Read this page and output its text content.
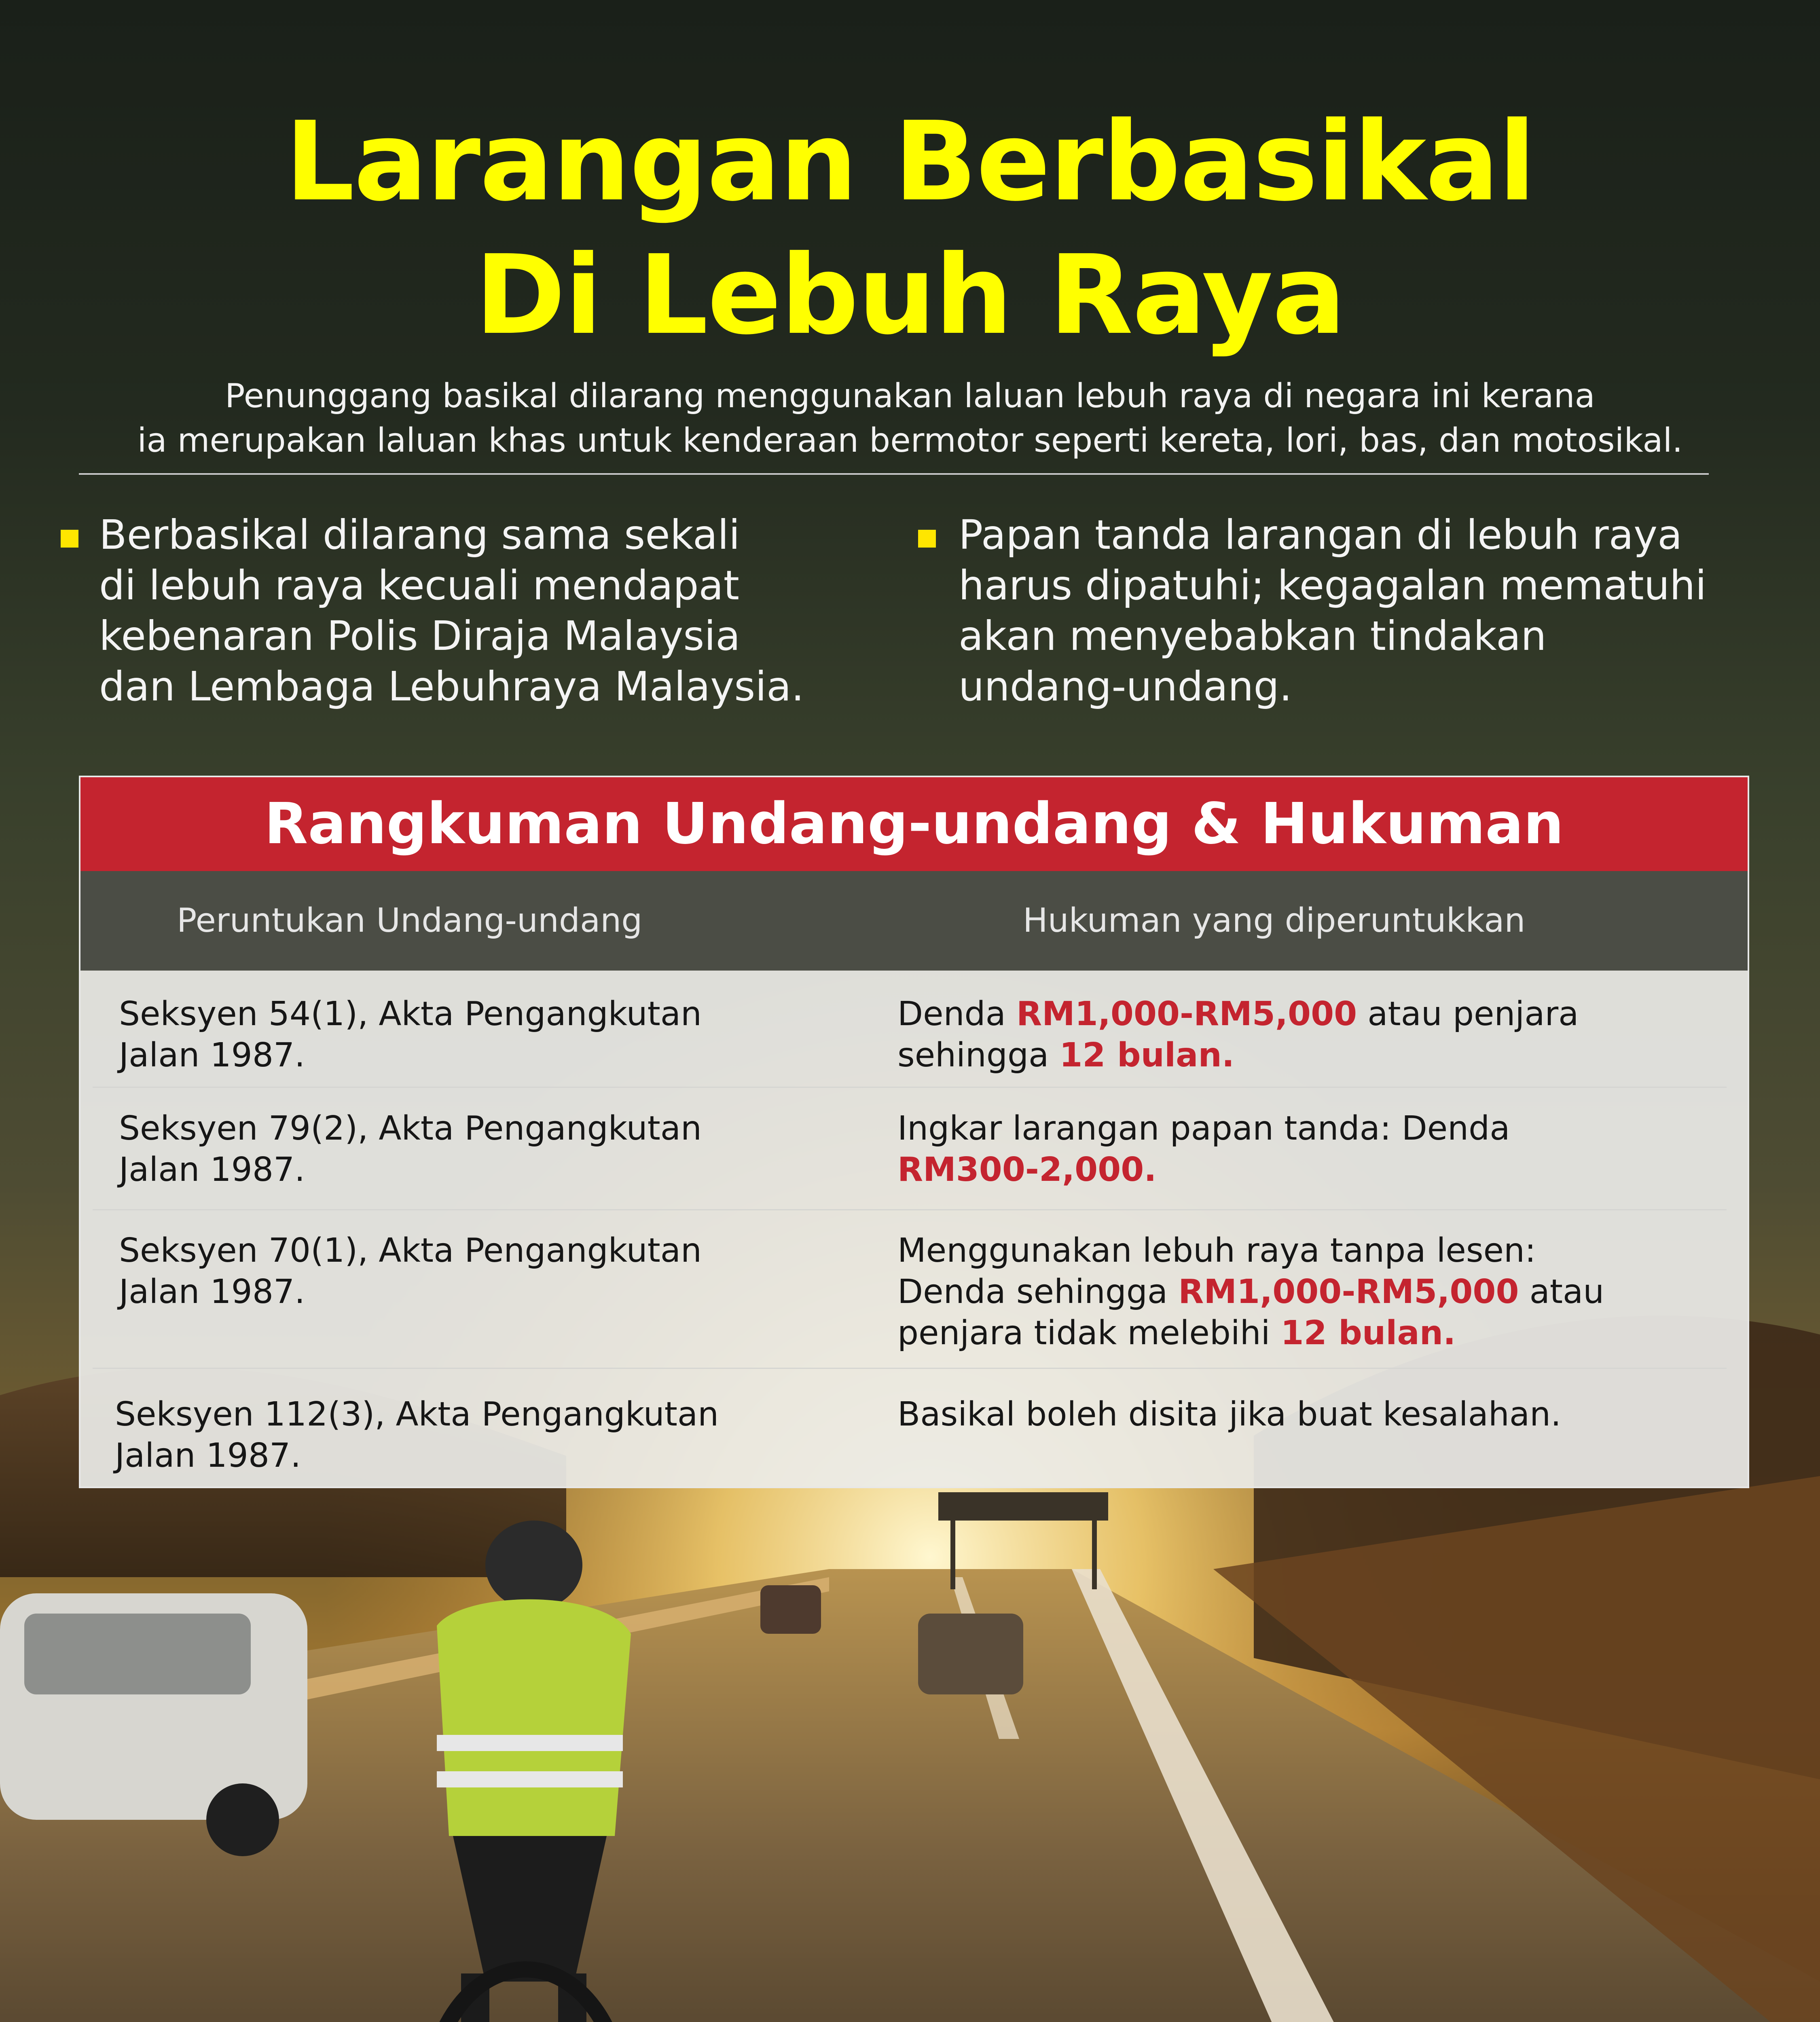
Larangan Berbasikal
Di Lebuh Raya
Penunggang basikal dilarang menggunakan laluan lebuh raya di negara ini kerana
ia merupakan laluan khas untuk kenderaan bermotor seperti kereta, lori, bas, dan motosikal.
Berbasikal dilarang sama sekali
di lebuh raya kecuali mendapat
kebenaran Polis Diraja Malaysia
dan Lembaga Lebuhraya Malaysia.
Papan tanda larangan di lebuh raya
harus dipatuhi; kegagalan mematuhi
akan menyebabkan tindakan
undang-undang.
Rangkuman Undang-undang & Hukuman
Peruntukan Undang-undang	Hukuman yang diperuntukkan
Seksyen 54(1), Akta Pengangkutan
Jalan 1987.
Denda RM1,000-RM5,000 atau penjara
sehingga 12 bulan.
Seksyen 79(2), Akta Pengangkutan
Jalan 1987.
Ingkar larangan papan tanda: Denda
RM300-2,000.
Seksyen 70(1), Akta Pengangkutan
Jalan 1987.
Menggunakan lebuh raya tanpa lesen:
Denda sehingga RM1,000-RM5,000 atau
penjara tidak melebihi 12 bulan.
Seksyen 112(3), Akta Pengangkutan
Jalan 1987.
Basikal boleh disita jika buat kesalahan.
